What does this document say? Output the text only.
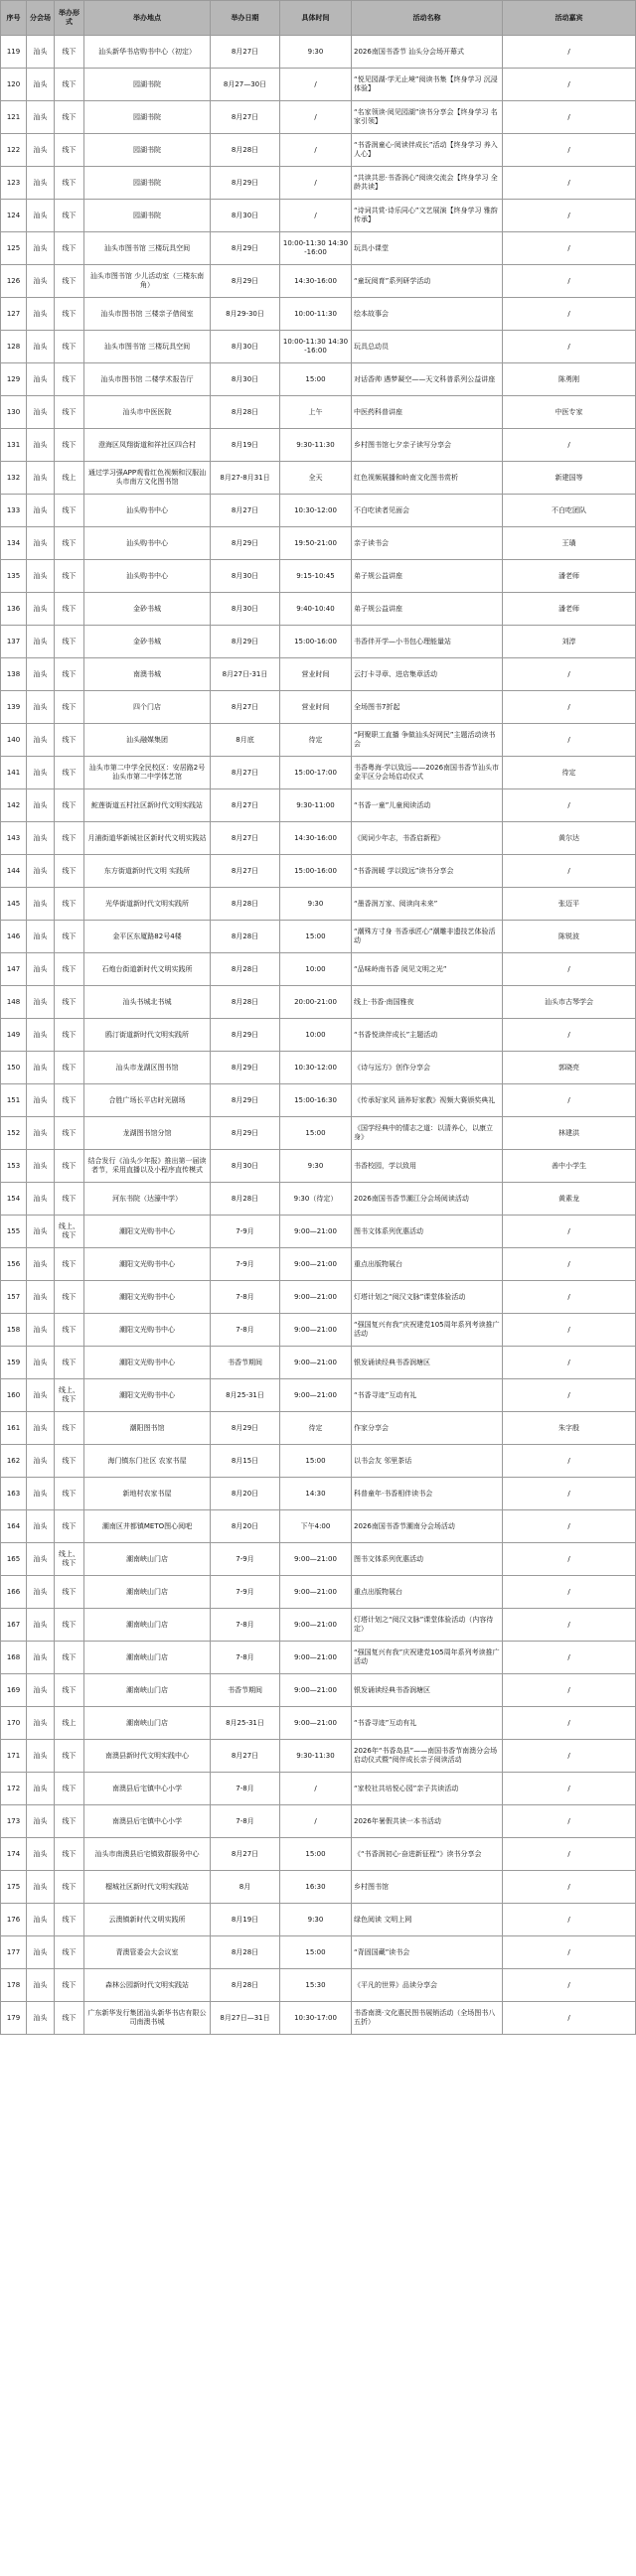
序号	分会场	举办形式	举办地点	举办日期	具体时间	活动名称	活动嘉宾
119	汕头	线下	汕头新华书店购书中心（初定）	8月27日	9:30	2026南国书香节 汕头分会场开幕式	/
120	汕头	线下	园湖书院	8月27—30日	/	“悦见园湖·学无止境”阅读书集【终身学习 沉浸体验】	/
121	汕头	线下	园湖书院	8月27日	/	“名家领读·阅见园湖”读书分享会【终身学习 名家引领】	/
122	汕头	线下	园湖书院	8月28日	/	“书香润童心·阅读伴成长”活动【终身学习 养入人心】	/
123	汕头	线下	园湖书院	8月29日	/	“共读共思·书香润心”阅读交流会【终身学习 全龄共读】	/
124	汕头	线下	园湖书院	8月30日	/	“诗词共赏·诗乐同心”文艺展演【终身学习 雅韵传承】	/
125	汕头	线下	汕头市图书馆 三楼玩具空间	8月29日	10:00-11:30 14:30-16:00	玩具小课堂	/
126	汕头	线下	汕头市图书馆 少儿活动室（三楼东南角）	8月29日	14:30-16:00	“童玩阅育”系列研学活动	/
127	汕头	线下	汕头市图书馆 三楼亲子借阅室	8月29-30日	10:00-11:30	绘本故事会	/
128	汕头	线下	汕头市图书馆 三楼玩具空间	8月30日	10:00-11:30 14:30-16:00	玩具总动员	/
129	汕头	线下	汕头市图书馆 二楼学术报告厅	8月30日	15:00	对话香帅 遇梦凝空——天文科普系列公益讲座	陈勇刚
130	汕头	线下	汕头市中医医院	8月28日	上午	中医药科普讲座	中医专家
131	汕头	线下	澄海区凤翔街道和祥社区四合村	8月19日	9:30-11:30	乡村图书馆七夕亲子读写分享会	/
132	汕头	线上	通过学习强APP观看红色视频和汉服汕头市南方文化图书馆	8月27-8月31日	全天	红色视频展播和岭南文化图书赏析	新建国等
133	汕头	线下	汕头购书中心	8月27日	10:30-12:00	不白吃读者见面会	不白吃团队
134	汕头	线下	汕头购书中心	8月29日	19:50-21:00	亲子读书会	王璜
135	汕头	线下	汕头购书中心	8月30日	9:15-10:45	弟子规公益讲座	潘老师
136	汕头	线下	金砂书城	8月30日	9:40-10:40	弟子规公益讲座	潘老师
137	汕头	线下	金砂书城	8月29日	15:00-16:00	书香伴开学—小书包心理能量站	刘淳
138	汕头	线下	南澳书城	8月27日-31日	营业时间	云打卡寻章、进店集章活动	/
139	汕头	线下	四个门店	8月27日	营业时间	全场图书7折起	/
140	汕头	线下	汕头融媒集团	8月底	待定	“阿聚职工直播 争做汕头好网民”主题活动读书会	/
141	汕头	线下	汕头市第二中学全民校区：安居路2号汕头市第二中学体艺馆	8月27日	15:00-17:00	书香粤海·学以致远——2026南国书香节汕头市金平区分会场启动仪式	待定
142	汕头	线下	鮀莲街道五村社区新时代文明实践站	8月27日	9:30-11:00	“书香一童”儿童阅读活动	/
143	汕头	线下	月浦街道华新城社区新时代文明实践站	8月27日	14:30-16:00	《阅词少年志，书香启新程》	黄尔达
144	汕头	线下	东方街道新时代文明 实践所	8月27日	15:00-16:00	“书香润暖 学以致远”读书分享会	/
145	汕头	线下	光华街道新时代文明实践所	8月28日	9:30	“墨香润万家、阅读向未来”	张迈平
146	汕头	线下	金平区东厦路82号4楼	8月28日	15:00	“潮殊方寸身 书香承匠心”潮雕非遗技艺体验活动	陈锐波
147	汕头	线下	石炮台街道新时代文明实践所	8月28日	10:00	“品味岭南书香 阅见文明之光”	/
148	汕头	线下	汕头书城北书城	8月28日	20:00-21:00	线上·书香·南国雅夜	汕头市古琴学会
149	汕头	线下	鸥汀街道新时代文明实践所	8月29日	10:00	“书香悦读伴成长”主题活动	/
150	汕头	线下	汕头市龙湖区图书馆	8月29日	10:30-12:00	《诗与远方》创作分享会	郭晓亮
151	汕头	线下	合胜广场长平店时光剧场	8月29日	15:00-16:30	《传承好家风 涵养好家教》视频大赛颁奖典礼	/
152	汕头	线下	龙湖图书馆分馆	8月29日	15:00	《国学经典中的情志之道：以清养心，以康立身》	林建洪
153	汕头	线下	结合发行《汕头少年报》推出第一届读者节，采用直播以及小程序直传模式	8月30日	9:30	书香校园，学以致用	善中小学生
154	汕头	线下	河东书院（达濠中学）	8月28日	9:30（待定）	2026南国书香节潮江分会场阅读活动	黄素龙
155	汕头	线上、线下	潮阳文光购书中心	7-9月	9:00—21:00	图书文体系列优惠活动	/
156	汕头	线下	潮阳文光购书中心	7-9月	9:00—21:00	重点出版物展台	/
157	汕头	线下	潮阳文光购书中心	7-8月	9:00—21:00	灯塔计划之“阅汉文脉”课堂体验活动	/
158	汕头	线下	潮阳文光购书中心	7-8月	9:00—21:00	“强国复兴有我”庆祝建党105周年系列考读推广活动	/
159	汕头	线下	潮阳文光购书中心	书香节期间	9:00—21:00	银发诵读经典书香润塘区	/
160	汕头	线上、线下	潮阳文光购书中心	8月25-31日	9:00—21:00	“书香寻迹”互动有礼	/
161	汕头	线下	潮阳图书馆	8月29日	待定	作家分享会	朱字殷
162	汕头	线下	海门镇东门社区 农家书屋	8月15日	15:00	以书会友 邻里茶话	/
163	汕头	线下	新地村农家书屋	8月20日	14:30	科普童年·书香相伴读书会	/
164	汕头	线下	潮南区井都镇METO图心阅吧	8月20日	下午4:00	2026南国书香节潮南分会场活动	/
165	汕头	线上、线下	潮南峡山门店	7-9月	9:00—21:00	图书文体系列优惠活动	/
166	汕头	线下	潮南峡山门店	7-9月	9:00—21:00	重点出版物展台	/
167	汕头	线下	潮南峡山门店	7-8月	9:00—21:00	灯塔计划之“阅汉文脉”课堂体验活动（内容待定）	/
168	汕头	线下	潮南峡山门店	7-8月	9:00—21:00	“强国复兴有我”庆祝建党105周年系列考读推广活动	/
169	汕头	线下	潮南峡山门店	书香节期间	9:00—21:00	银发诵读经典书香润塘区	/
170	汕头	线上	潮南峡山门店	8月25-31日	9:00—21:00	“书香寻迹”互动有礼	/
171	汕头	线下	南澳县新时代文明实践中心	8月27日	9:30-11:30	2026年“书香岛县”——南国书香节南澳分会场启动仪式暨“阅伴成长亲子阅读活动	/
172	汕头	线下	南澳县后宅镇中心小学	7-8月	/	“家校社共培悦心园”亲子共读活动	/
173	汕头	线下	南澳县后宅镇中心小学	7-8月	/	2026年暑假共读一本书活动	/
174	汕头	线下	汕头市南澳县后宅镇致群服务中心	8月27日	15:00	《“书香润初心·奋进新征程”》读书分享会	/
175	汕头	线下	榴城社区新时代文明实践站	8月	16:30	乡村图书馆	/
176	汕头	线下	云澳镇新时代文明实践所	8月19日	9:30	绿色阅读 文明上网	/
177	汕头	线下	青澳管委会大会议室	8月28日	15:00	“背固国藏”读书会	/
178	汕头	线下	森林公园新时代文明实践站	8月28日	15:30	《平凡的世界》品读分享会	/
179	汕头	线下	广东新华发行集团汕头新华书店有限公司南澳书城	8月27日—31日	10:30-17:00	书香南澳·文化惠民图书展销活动（全场图书八五折）	/
